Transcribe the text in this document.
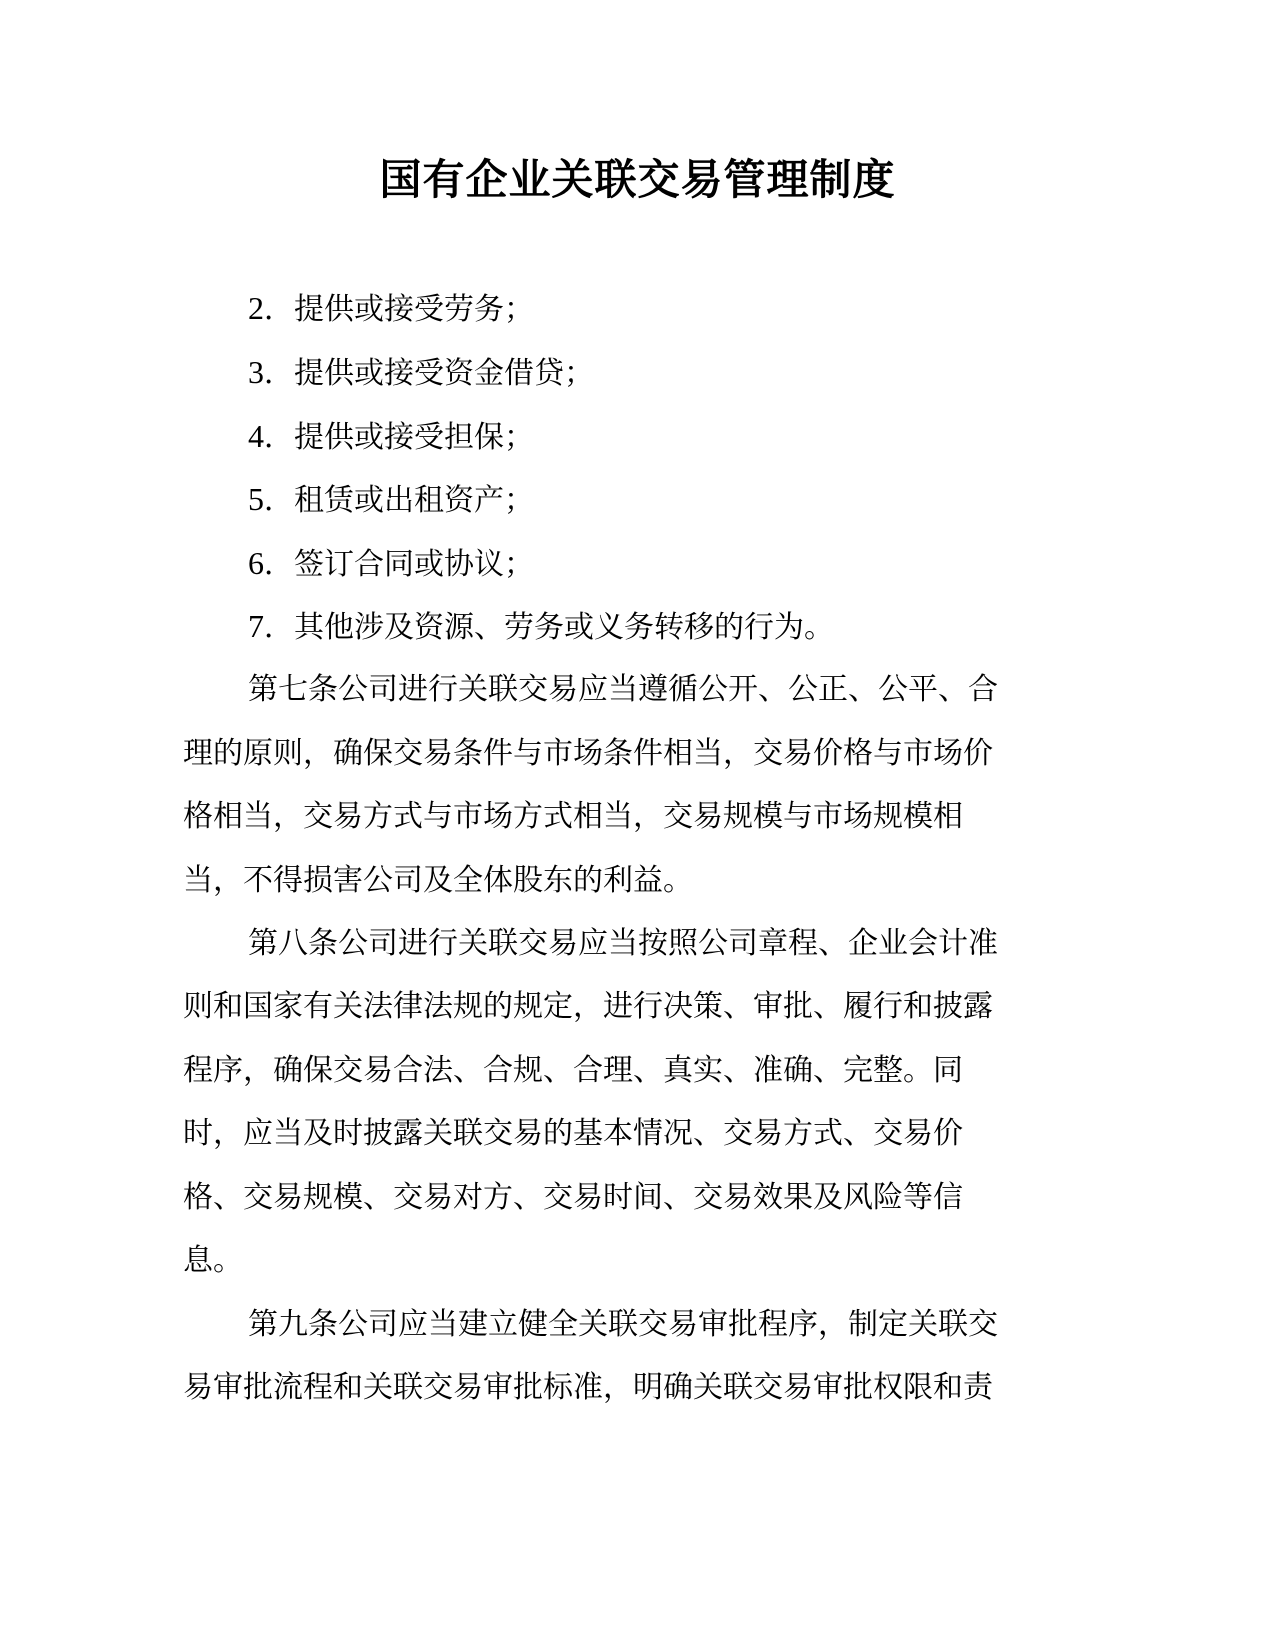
国有企业关联交易管理制度

2．提供或接受劳务；

3．提供或接受资金借贷；

4．提供或接受担保；

5．租赁或出租资产；

6．签订合同或协议；

7．其他涉及资源、劳务或义务转移的行为。

第七条公司进行关联交易应当遵循公开、公正、公平、合

理的原则，确保交易条件与市场条件相当，交易价格与市场价

格相当，交易方式与市场方式相当，交易规模与市场规模相

当，不得损害公司及全体股东的利益。

第八条公司进行关联交易应当按照公司章程、企业会计准

则和国家有关法律法规的规定，进行决策、审批、履行和披露

程序，确保交易合法、合规、合理、真实、准确、完整。同

时，应当及时披露关联交易的基本情况、交易方式、交易价

格、交易规模、交易对方、交易时间、交易效果及风险等信

息。

第九条公司应当建立健全关联交易审批程序，制定关联交

易审批流程和关联交易审批标准，明确关联交易审批权限和责
